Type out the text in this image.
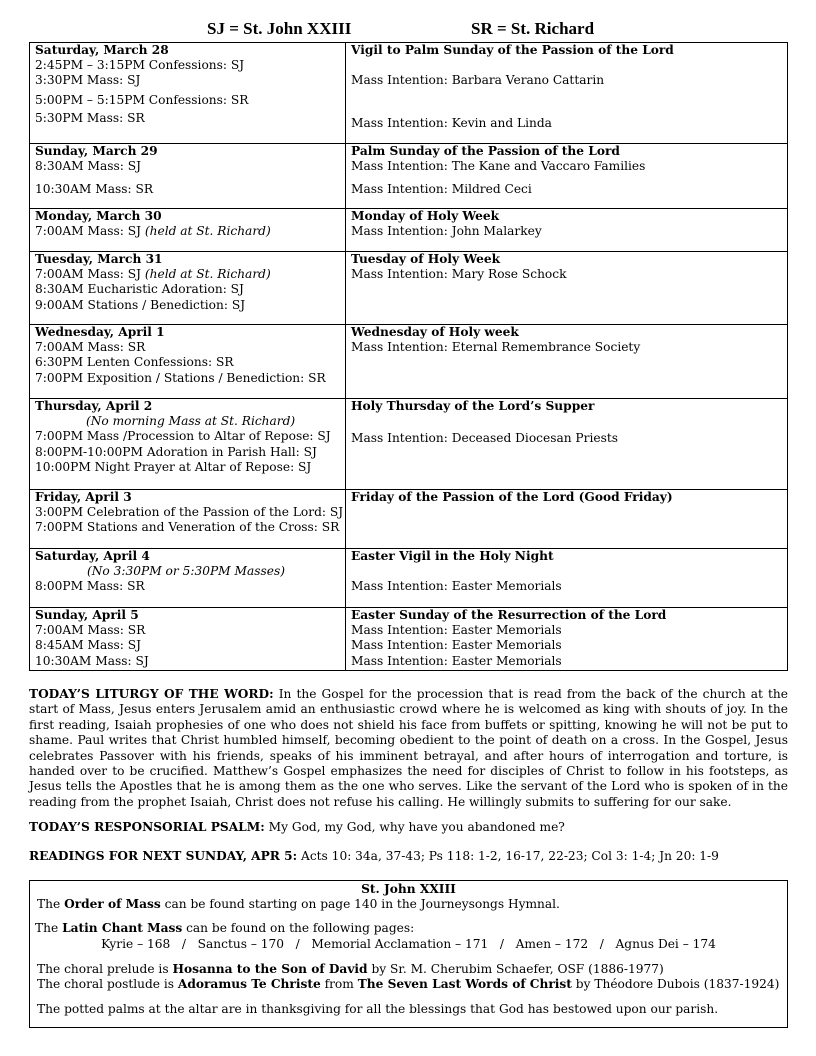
SJ = St. John XXIII	SR = St. Richard
Saturday, March 28
2:45PM – 3:15PM Confessions: SJ
3:30PM Mass: SJ
5:00PM – 5:15PM Confessions: SR
5:30PM Mass: SR	Vigil to Palm Sunday of the Passion of the Lord
Mass Intention: Barbara Verano Cattarin
Mass Intention: Kevin and Linda

Sunday, March 29
8:30AM Mass: SJ
10:30AM Mass: SR	Palm Sunday of the Passion of the Lord
Mass Intention: The Kane and Vaccaro Families
Mass Intention: Mildred Ceci

Monday, March 30
7:00AM Mass: SJ (held at St. Richard)	Monday of Holy Week
Mass Intention: John Malarkey

Tuesday, March 31
7:00AM Mass: SJ (held at St. Richard)
8:30AM Eucharistic Adoration: SJ
9:00AM Stations / Benediction: SJ	Tuesday of Holy Week
Mass Intention: Mary Rose Schock

Wednesday, April 1
7:00AM Mass: SR
6:30PM Lenten Confessions: SR
7:00PM Exposition / Stations / Benediction: SR	Wednesday of Holy week
Mass Intention: Eternal Remembrance Society

Thursday, April 2
(No morning Mass at St. Richard)
7:00PM Mass /Procession to Altar of Repose: SJ
8:00PM-10:00PM Adoration in Parish Hall: SJ
10:00PM Night Prayer at Altar of Repose: SJ	Holy Thursday of the Lord’s Supper
Mass Intention: Deceased Diocesan Priests

Friday, April 3
3:00PM Celebration of the Passion of the Lord: SJ
7:00PM Stations and Veneration of the Cross: SR	Friday of the Passion of the Lord (Good Friday)

Saturday, April 4
(No 3:30PM or 5:30PM Masses)
8:00PM Mass: SR	Easter Vigil in the Holy Night
Mass Intention: Easter Memorials

Sunday, April 5
7:00AM Mass: SR
8:45AM Mass: SJ
10:30AM Mass: SJ	Easter Sunday of the Resurrection of the Lord
Mass Intention: Easter Memorials
Mass Intention: Easter Memorials
Mass Intention: Easter Memorials
TODAY’S LITURGY OF THE WORD: In the Gospel for the procession that is read from the back of the church at the start of Mass, Jesus enters Jerusalem amid an enthusiastic crowd where he is welcomed as king with shouts of joy. In the first reading, Isaiah prophesies of one who does not shield his face from buffets or spitting, knowing he will not be put to shame. Paul writes that Christ humbled himself, becoming obedient to the point of death on a cross. In the Gospel, Jesus celebrates Passover with his friends, speaks of his imminent betrayal, and after hours of interrogation and torture, is handed over to be crucified. Matthew’s Gospel emphasizes the need for disciples of Christ to follow in his footsteps, as Jesus tells the Apostles that he is among them as the one who serves. Like the servant of the Lord who is spoken of in the reading from the prophet Isaiah, Christ does not refuse his calling. He willingly submits to suffering for our sake.
TODAY’S RESPONSORIAL PSALM: My God, my God, why have you abandoned me?
READINGS FOR NEXT SUNDAY, APR 5: Acts 10: 34a, 37-43; Ps 118: 1-2, 16-17, 22-23; Col 3: 1-4; Jn 20: 1-9
St. John XXIII
The Order of Mass can be found starting on page 140 in the Journeysongs Hymnal.
The Latin Chant Mass can be found on the following pages:
Kyrie – 168   /   Sanctus – 170   /   Memorial Acclamation – 171   /   Amen – 172   /   Agnus Dei – 174
The choral prelude is Hosanna to the Son of David by Sr. M. Cherubim Schaefer, OSF (1886-1977)
The choral postlude is Adoramus Te Christe from The Seven Last Words of Christ by Théodore Dubois (1837-1924)
The potted palms at the altar are in thanksgiving for all the blessings that God has bestowed upon our parish.
